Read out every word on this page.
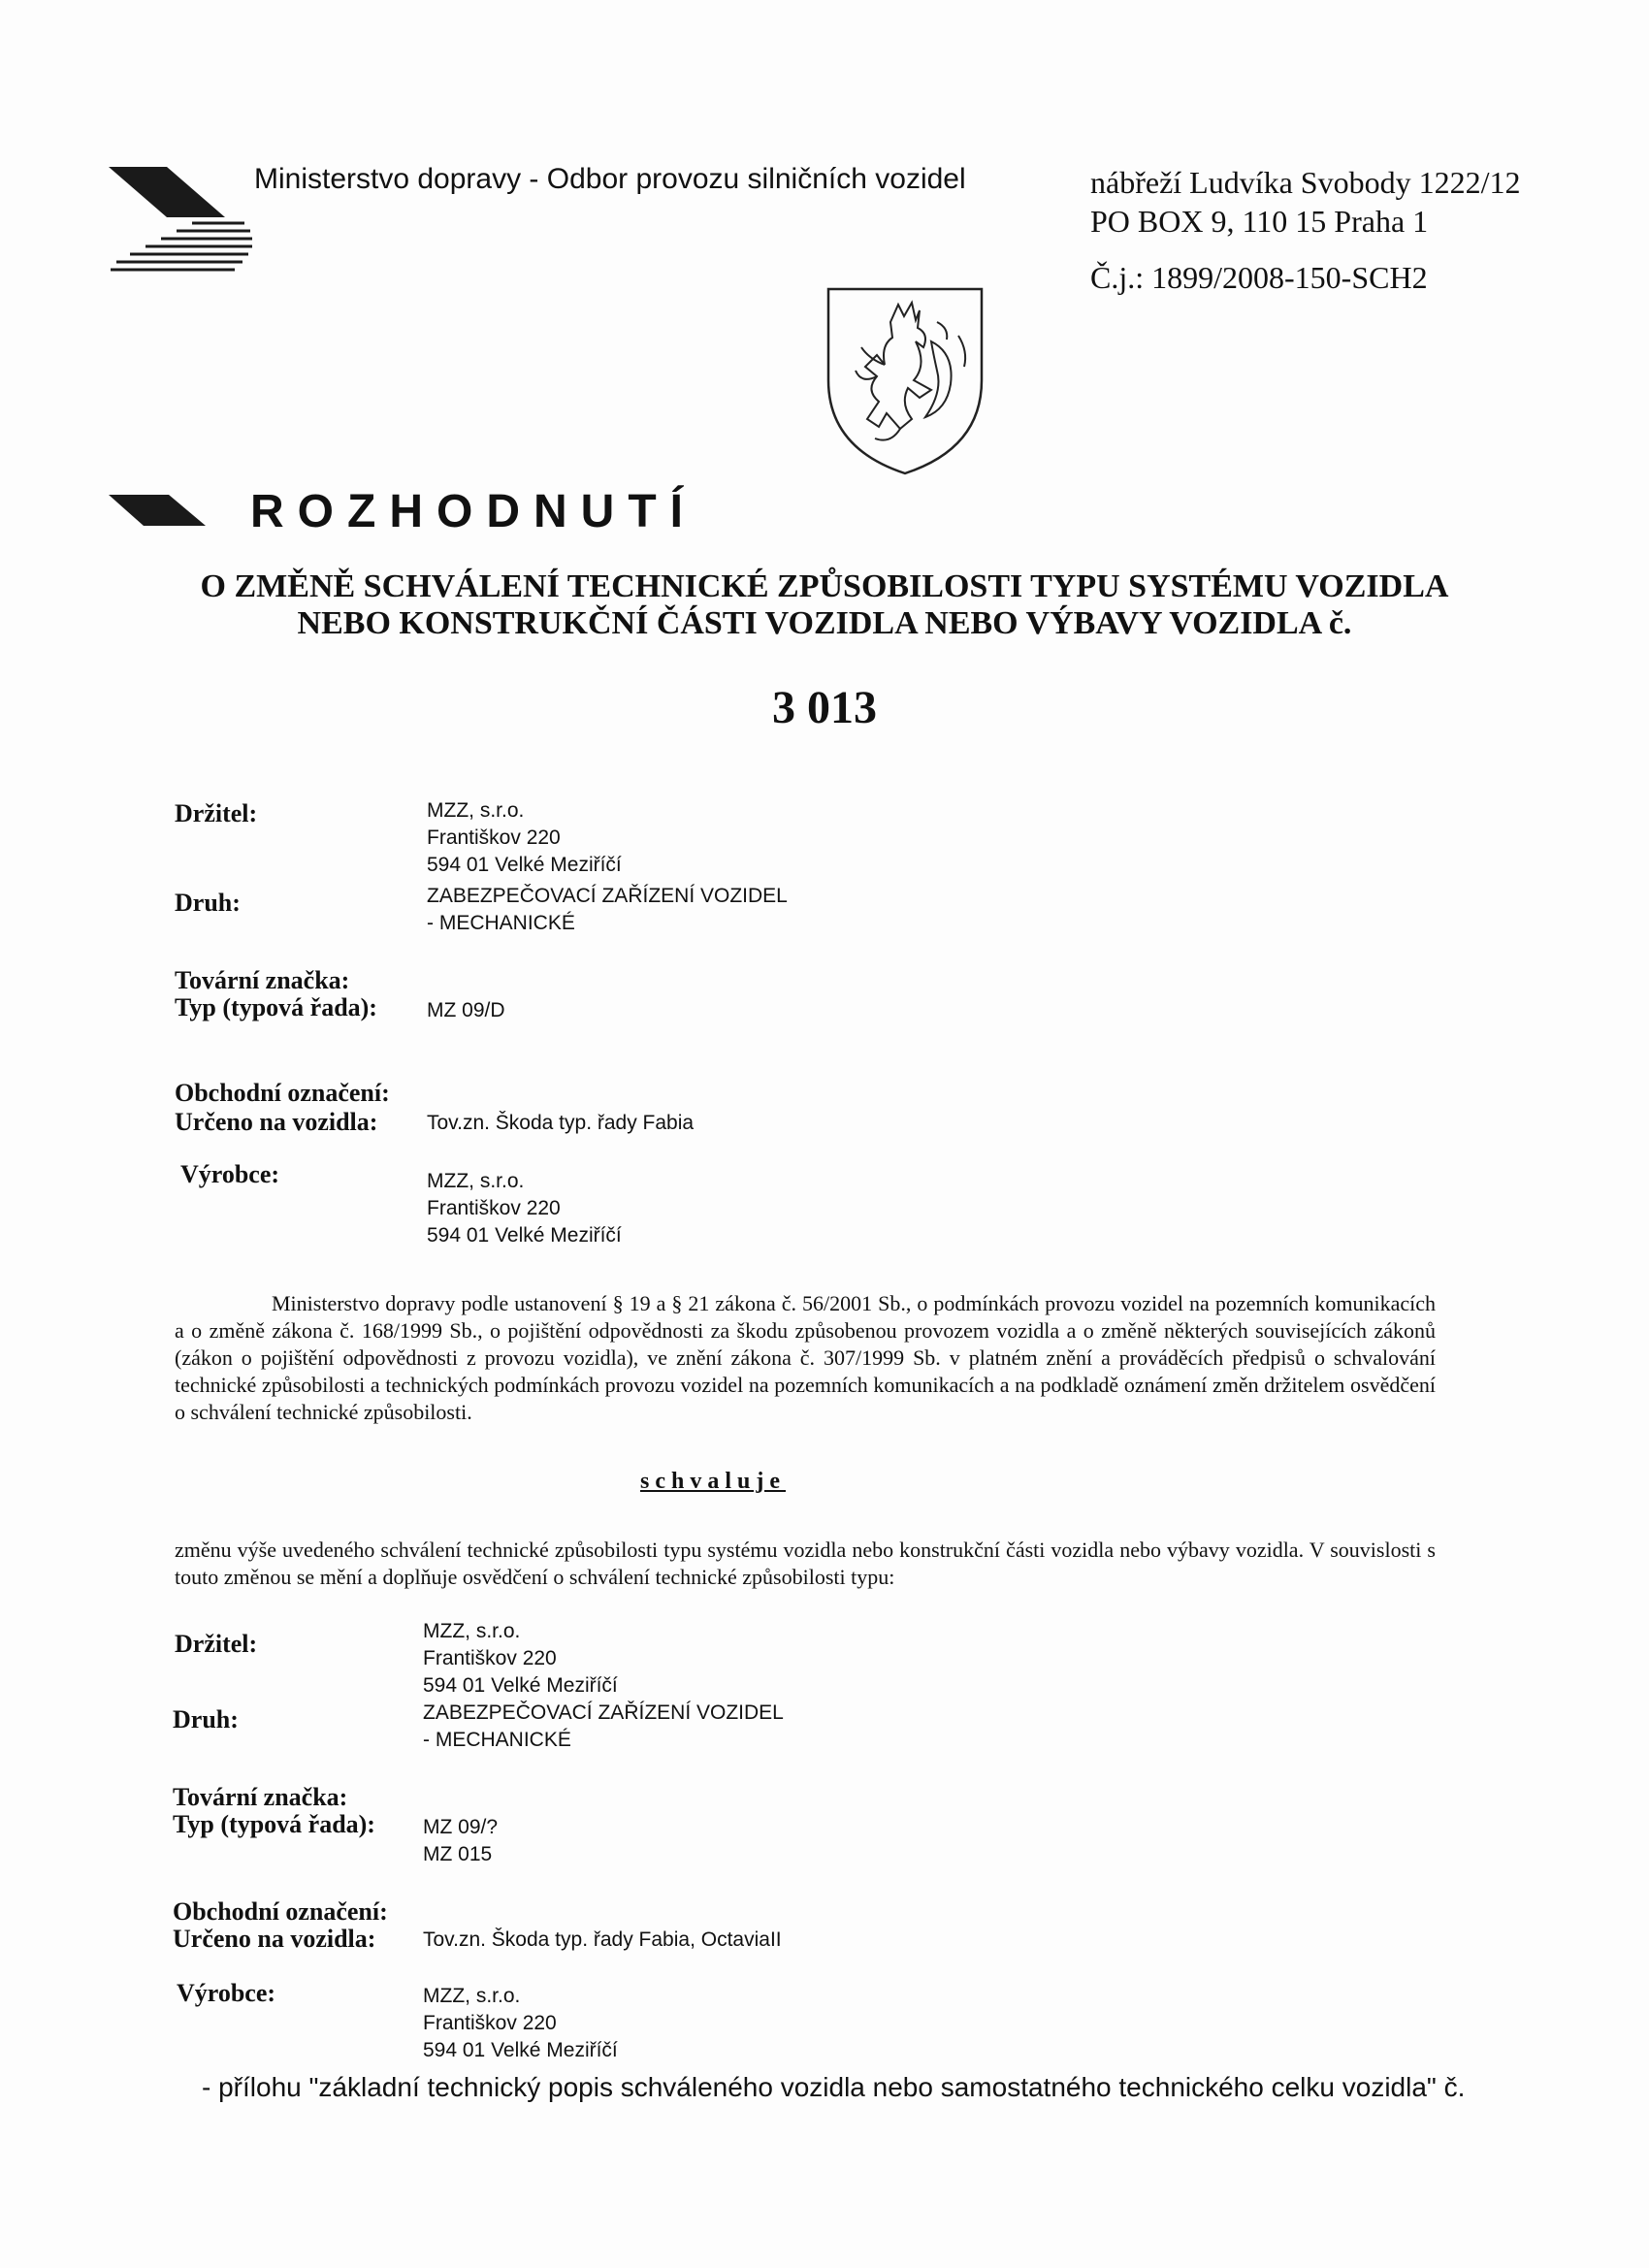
Ministerstvo dopravy - Odbor provozu silničních vozidel	nábřeží Ludvíka Svobody 1222/12
PO BOX 9, 110 15 Praha 1
Č.j.: 1899/2008-150-SCH2
ROZHODNUTÍ
O ZMĚNĚ SCHVÁLENÍ TECHNICKÉ ZPŮSOBILOSTI TYPU SYSTÉMU VOZIDLA
NEBO KONSTRUKČNÍ ČÁSTI VOZIDLA NEBO VÝBAVY VOZIDLA č.
3 013
Držitel:	MZZ, s.r.o.
Františkov 220
594 01 Velké Meziříčí
Druh:	ZABEZPEČOVACÍ ZAŘÍZENÍ VOZIDEL
- MECHANICKÉ
Tovární značka:
Typ (typová řada): MZ 09/D
Obchodní označení:
Určeno na vozidla: Tov.zn. Škoda typ. řady Fabia
Výrobce:	MZZ, s.r.o.
Františkov 220
594 01 Velké Meziříčí
Ministerstvo dopravy podle ustanovení § 19 a § 21 zákona č. 56/2001 Sb., o podmínkách provozu vozidel na pozemních komunikacích a o změně zákona č. 168/1999 Sb., o pojištění odpovědnosti za škodu způsobenou provozem vozidla a o změně některých souvisejících zákonů (zákon o pojištění odpovědnosti z provozu vozidla), ve znění zákona č. 307/1999 Sb. v platném znění a prováděcích předpisů o schvalování technické způsobilosti a technických podmínkách provozu vozidel na pozemních komunikacích a na podkladě oznámení změn držitelem osvědčení o schválení technické způsobilosti.
schvaluje
změnu výše uvedeného schválení technické způsobilosti typu systému vozidla nebo konstrukční části vozidla nebo výbavy vozidla. V souvislosti s touto změnou se mění a doplňuje osvědčení o schválení technické způsobilosti typu:
Držitel:	MZZ, s.r.o.
Františkov 220
594 01 Velké Meziříčí
Druh:	ZABEZPEČOVACÍ ZAŘÍZENÍ VOZIDEL
- MECHANICKÉ
Tovární značka:
Typ (typová řada): MZ 09/?
MZ 015
Obchodní označení:
Určeno na vozidla: Tov.zn. Škoda typ. řady Fabia, OctaviaII
Výrobce:	MZZ, s.r.o.
Františkov 220
594 01 Velké Meziříčí
- přílohu "základní technický popis schváleného vozidla nebo samostatného technického celku vozidla" č.
